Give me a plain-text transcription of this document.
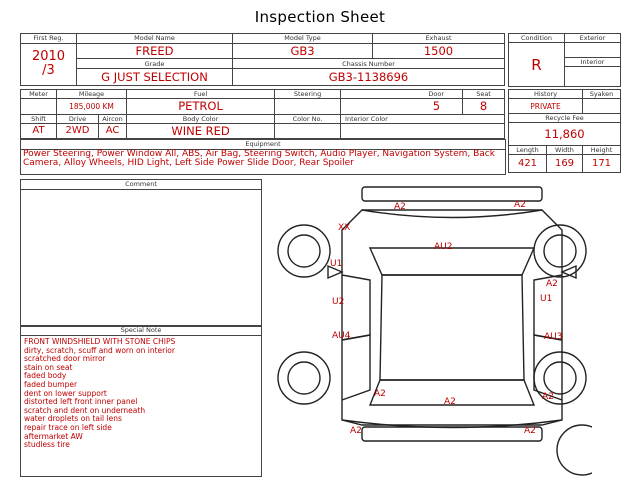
Inspection Sheet
First Reg.	Model Name	Model Type	Exhaust

2010
/3	FREED	GB3	1500
	Grade	Chassis Number	
	G JUST SELECTION	GB3-1138696	
Condition	Exterior
R	
	Interior

Meter	Mileage		Fuel	Steering	Door	Seat
	185,000 KM		PETROL		5	8
Shift	Drive	Aircon	Body Color	Color No.	Interior Color	
AT	2WD	AC	WINE RED			
History		Syaken
PRIVATE		
Recycle Fee		
11,860		
Length	Width	Height
421	169	171
Equipment
Power Steering, Power Window All, ABS, Air Bag, Steering Switch, Audio Player, Navigation System, Back Camera, Alloy Wheels, HID Light, Left Side Power Slide Door, Rear Spoiler
Comment
Special Note
FRONT WINDSHIELD WITH STONE CHIPS
dirty, scratch, scuff and worn on interior
scratched door mirror
stain on seat
faded body
faded bumper
dent on lower support
distorted left front inner panel
scratch and dent on underneath
water droplets on tail lens
repair trace on left side
aftermarket AW
studless tire
A2	A2
XX
AU2
U1
A2
U2	U1
AU4	AU3
A2	A2
A2
A2	A2
